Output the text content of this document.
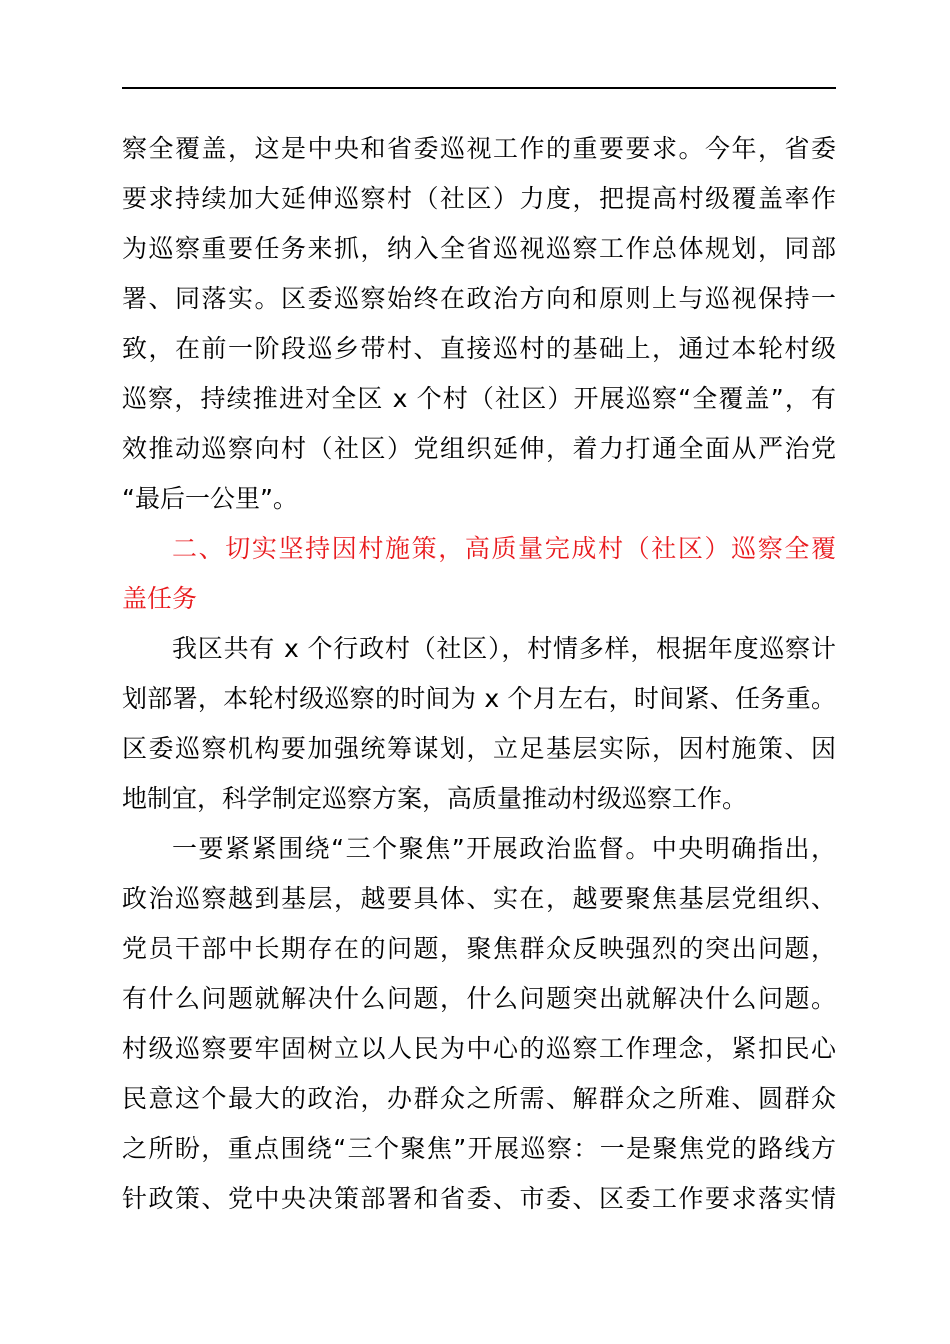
察全覆盖，这是中央和省委巡视工作的重要要求。今年，省委
要求持续加大延伸巡察村（社区）力度，把提高村级覆盖率作
为巡察重要任务来抓，纳入全省巡视巡察工作总体规划，同部
署、同落实。区委巡察始终在政治方向和原则上与巡视保持一
致，在前一阶段巡乡带村、直接巡村的基础上，通过本轮村级
巡察，持续推进对全区 x 个村（社区）开展巡察“全覆盖”，有
效推动巡察向村（社区）党组织延伸，着力打通全面从严治党
“最后一公里”。
二、切实坚持因村施策，高质量完成村（社区）巡察全覆
盖任务
我区共有 x 个行政村（社区），村情多样，根据年度巡察计
划部署，本轮村级巡察的时间为 x 个月左右，时间紧、任务重。
区委巡察机构要加强统筹谋划，立足基层实际，因村施策、因
地制宜，科学制定巡察方案，高质量推动村级巡察工作。
一要紧紧围绕“三个聚焦”开展政治监督。中央明确指出，
政治巡察越到基层，越要具体、实在，越要聚焦基层党组织、
党员干部中长期存在的问题，聚焦群众反映强烈的突出问题，
有什么问题就解决什么问题，什么问题突出就解决什么问题。
村级巡察要牢固树立以人民为中心的巡察工作理念，紧扣民心
民意这个最大的政治，办群众之所需、解群众之所难、圆群众
之所盼，重点围绕“三个聚焦”开展巡察：一是聚焦党的路线方
针政策、党中央决策部署和省委、市委、区委工作要求落实情
